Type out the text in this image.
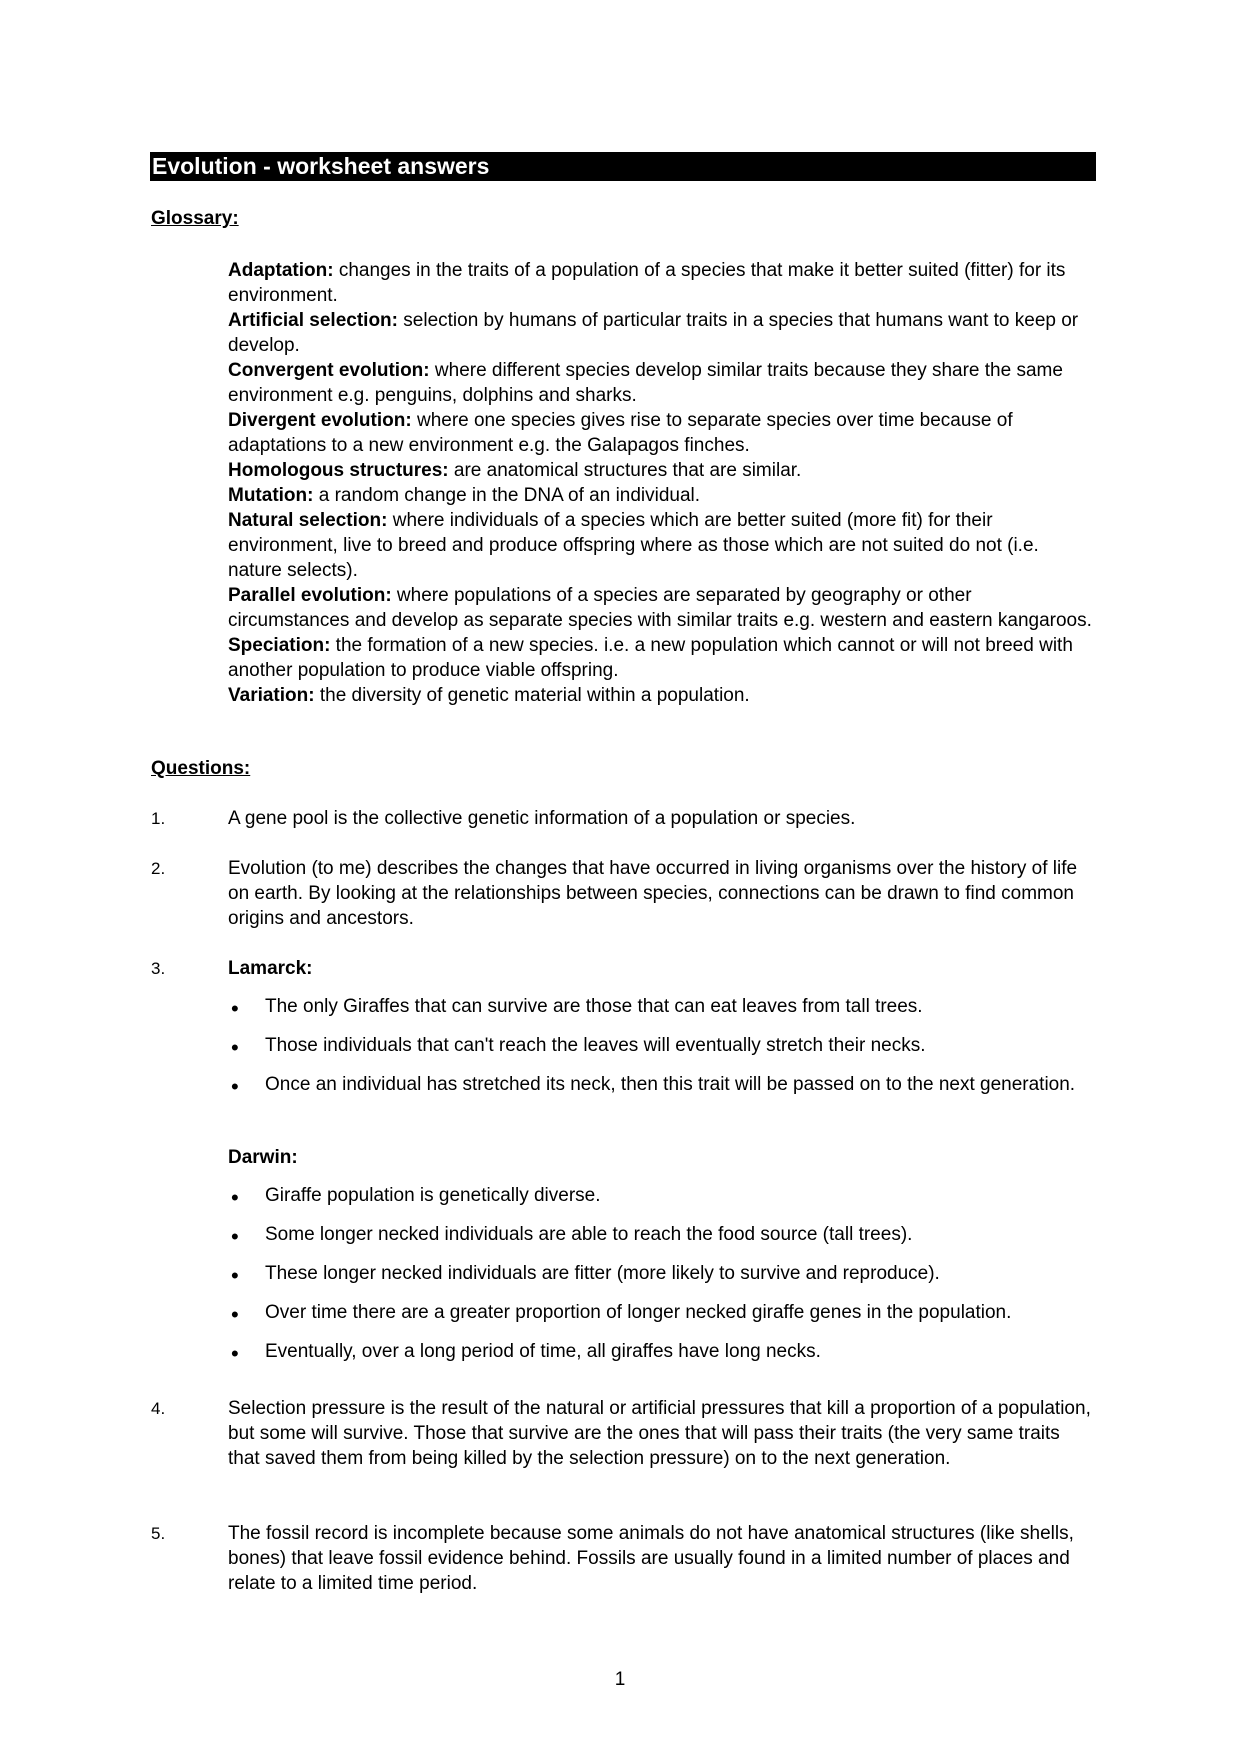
Evolution - worksheet answers
Glossary:

Adaptation: changes in the traits of a population of a species that make it better suited (fitter) for its environment.

Artificial selection: selection by humans of particular traits in a species that humans want to keep or develop.

Convergent evolution: where different species develop similar traits because they share the same environment e.g. penguins, dolphins and sharks.

Divergent evolution: where one species gives rise to separate species over time because of adaptations to a new environment e.g. the Galapagos finches.

Homologous structures: are anatomical structures that are similar.

Mutation: a random change in the DNA of an individual.

Natural selection: where individuals of a species which are better suited (more fit) for their environment, live to breed and produce offspring where as those which are not suited do not (i.e. nature selects).

Parallel evolution: where populations of a species are separated by geography or other circumstances and develop as separate species with similar traits e.g. western and eastern kangaroos.

Speciation: the formation of a new species. i.e. a new population which cannot or will not breed with another population to produce viable offspring.

Variation: the diversity of genetic material within a population.

Questions:
1.	A gene pool is the collective genetic information of a population or species.
2.	Evolution (to me) describes the changes that have occurred in living organisms over the history of life on earth. By looking at the relationships between species, connections can be drawn to find common origins and ancestors.
3.	Lamarck:
• The only Giraffes that can survive are those that can eat leaves from tall trees.
• Those individuals that can't reach the leaves will eventually stretch their necks.
• Once an individual has stretched its neck, then this trait will be passed on to the next generation.
Darwin:
• Giraffe population is genetically diverse.
• Some longer necked individuals are able to reach the food source (tall trees).
• These longer necked individuals are fitter (more likely to survive and reproduce).
• Over time there are a greater proportion of longer necked giraffe genes in the population.
• Eventually, over a long period of time, all giraffes have long necks.
4.	Selection pressure is the result of the natural or artificial pressures that kill a proportion of a population, but some will survive. Those that survive are the ones that will pass their traits (the very same traits that saved them from being killed by the selection pressure) on to the next generation.
5.	The fossil record is incomplete because some animals do not have anatomical structures (like shells, bones) that leave fossil evidence behind. Fossils are usually found in a limited number of places and relate to a limited time period.
1
